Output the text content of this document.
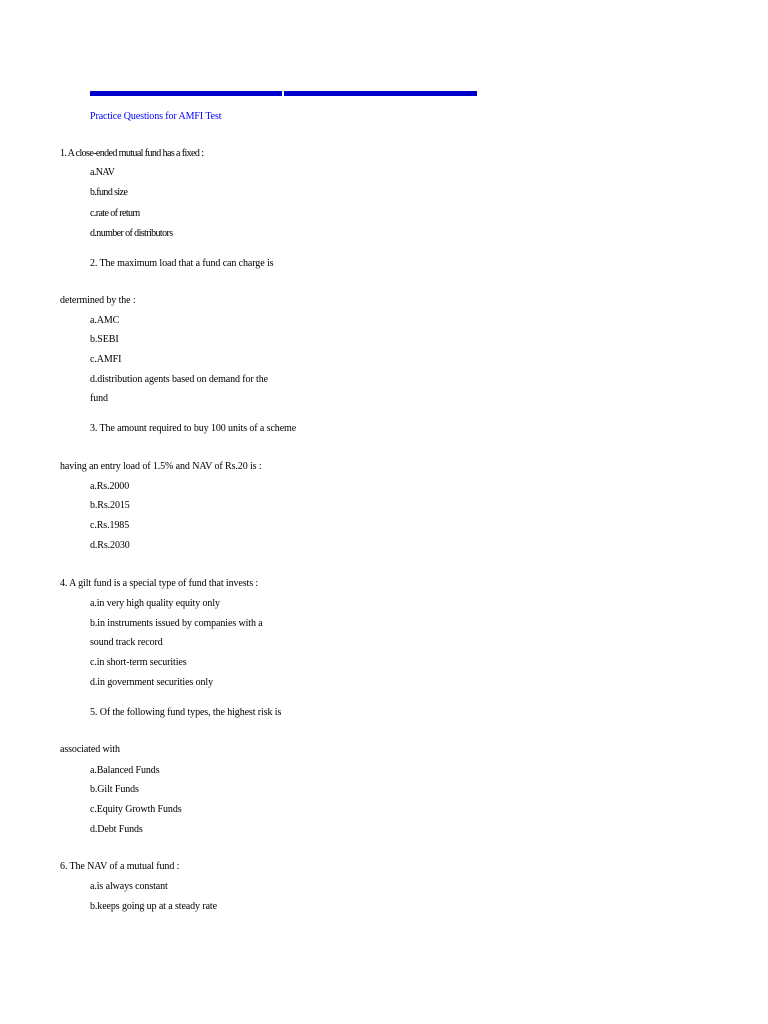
Practice Questions for AMFI Test
1. A close-ended mutual fund has a fixed :
a.NAV
b.fund size
c.rate of return
d.number of distributors
2. The maximum load that a fund can charge is
determined by the :
a.AMC
b.SEBI
c.AMFI
d.distribution agents based on demand for the
fund
3. The amount required to buy 100 units of a scheme
having an entry load of 1.5% and NAV of Rs.20 is :
a.Rs.2000
b.Rs.2015
c.Rs.1985
d.Rs.2030
4. A gilt fund is a special type of fund that invests :
a.in very high quality equity only
b.in instruments issued by companies with a
sound track record
c.in short-term securities
d.in government securities only
5. Of the following fund types, the highest risk is
associated with
a.Balanced Funds
b.Gilt Funds
c.Equity Growth Funds
d.Debt Funds
6. The NAV of a mutual fund :
a.is always constant
b.keeps going up at a steady rate
